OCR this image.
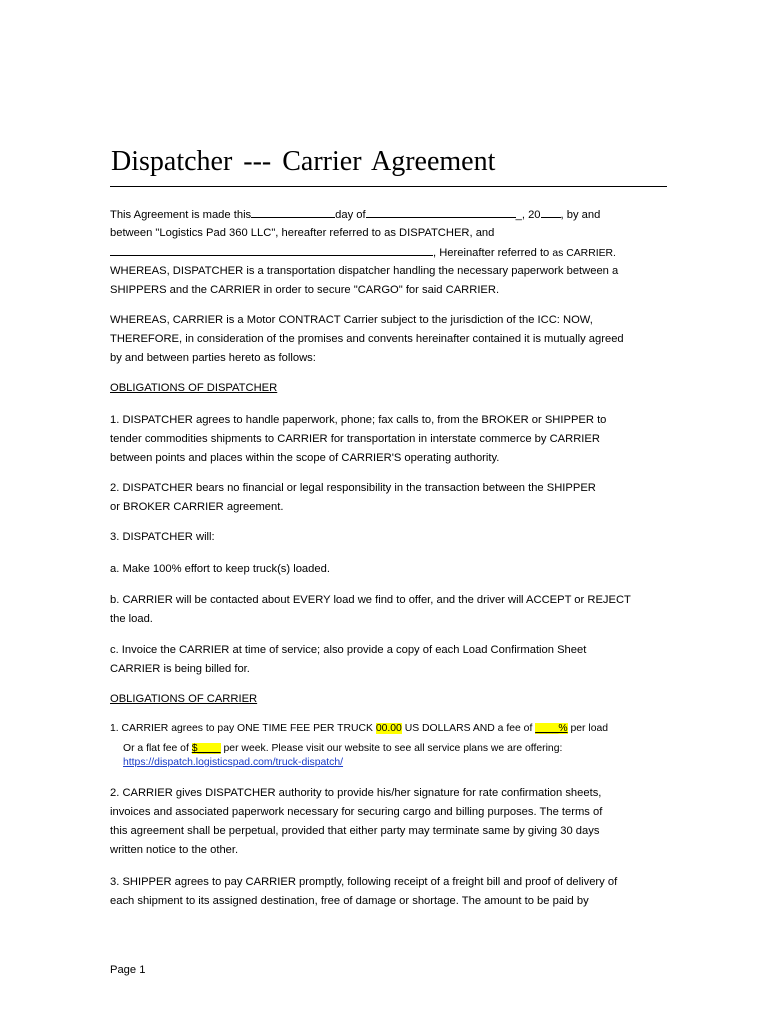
Dispatcher --- Carrier Agreement
This Agreement is made this	day of	_, 20 , by and
between "Logistics Pad 360 LLC", hereafter referred to as DISPATCHER, and
, Hereinafter referred to as CARRIER.
WHEREAS, DISPATCHER is a transportation dispatcher handling the necessary paperwork between a
SHIPPERS and the CARRIER in order to secure "CARGO" for said CARRIER.
WHEREAS, CARRIER is a Motor CONTRACT Carrier subject to the jurisdiction of the ICC: NOW,
THEREFORE, in consideration of the promises and convents hereinafter contained it is mutually agreed
by and between parties hereto as follows:
OBLIGATIONS OF DISPATCHER
1. DISPATCHER agrees to handle paperwork, phone; fax calls to, from the BROKER or SHIPPER to
tender commodities shipments to CARRIER for transportation in interstate commerce by CARRIER
between points and places within the scope of CARRIER'S operating authority.
2. DISPATCHER bears no financial or legal responsibility in the transaction between the SHIPPER
or BROKER CARRIER agreement.
3. DISPATCHER will:
a. Make 100% effort to keep truck(s) loaded.
b. CARRIER will be contacted about EVERY load we find to offer, and the driver will ACCEPT or REJECT
the load.
c. Invoice the CARRIER at time of service; also provide a copy of each Load Confirmation Sheet
CARRIER is being billed for.
OBLIGATIONS OF CARRIER
1. CARRIER agrees to pay ONE TIME FEE PER TRUCK 00.00 US DOLLARS AND a fee of ____% per load
Or a flat fee of $____ per week. Please visit our website to see all service plans we are offering:
https://dispatch.logisticspad.com/truck-dispatch/
2. CARRIER gives DISPATCHER authority to provide his/her signature for rate confirmation sheets,
invoices and associated paperwork necessary for securing cargo and billing purposes. The terms of
this agreement shall be perpetual, provided that either party may terminate same by giving 30 days
written notice to the other.
3. SHIPPER agrees to pay CARRIER promptly, following receipt of a freight bill and proof of delivery of
each shipment to its assigned destination, free of damage or shortage. The amount to be paid by
Page 1
